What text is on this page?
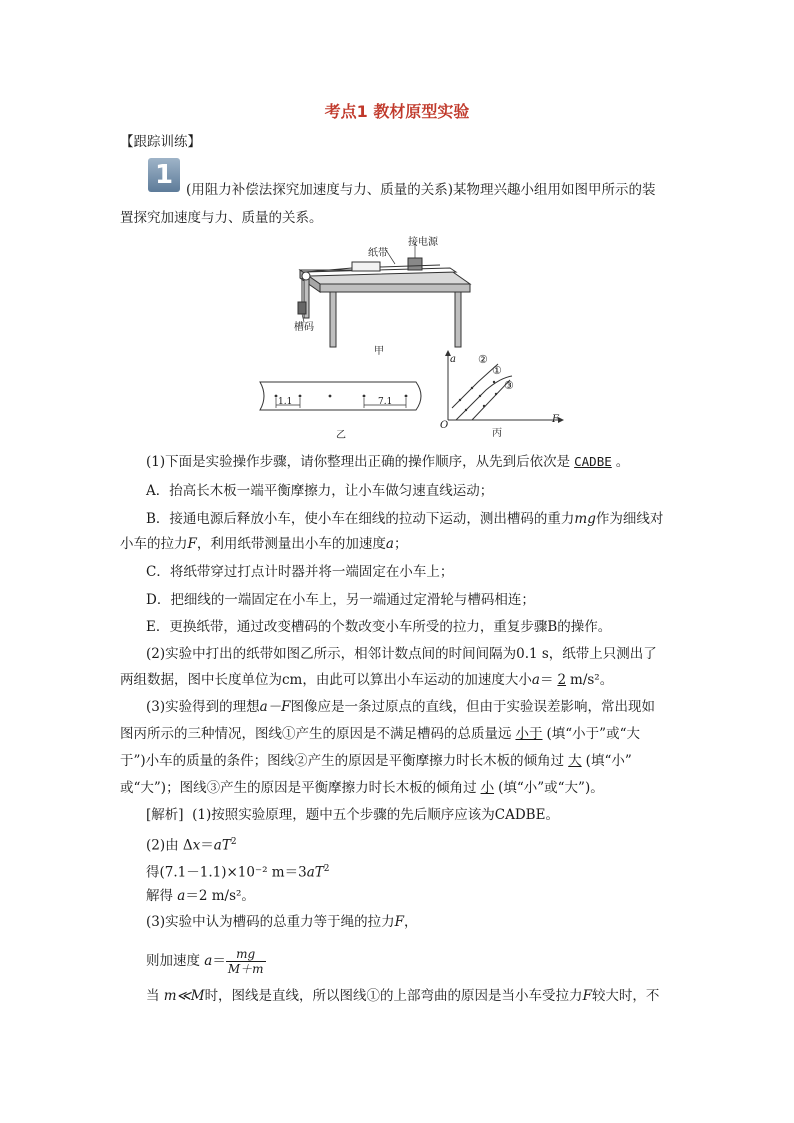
考点1 教材原型实验
【跟踪训练】
1 (用阻力补偿法探究加速度与力、质量的关系)某物理兴趣小组用如图甲所示的装
置探究加速度与力、质量的关系。
纸带
接电源
槽码
甲
1.1	7.1
乙
a
F
O
②
①
③
丙
(1)下面是实验操作步骤，请你整理出正确的操作顺序，从先到后依次是 CADBE 。
A．抬高长木板一端平衡摩擦力，让小车做匀速直线运动；
B．接通电源后释放小车，使小车在细线的拉动下运动，测出槽码的重力mg作为细线对
小车的拉力F，利用纸带测量出小车的加速度a；
C．将纸带穿过打点计时器并将一端固定在小车上；
D．把细线的一端固定在小车上，另一端通过定滑轮与槽码相连；
E．更换纸带，通过改变槽码的个数改变小车所受的拉力，重复步骤B的操作。
(2)实验中打出的纸带如图乙所示，相邻计数点间的时间间隔为0.1 s，纸带上只测出了
两组数据，图中长度单位为cm，由此可以算出小车运动的加速度大小a＝ 2 m/s²。
(3)实验得到的理想a－F图像应是一条过原点的直线，但由于实验误差影响，常出现如
图丙所示的三种情况，图线①产生的原因是不满足槽码的总质量远 小于 (填“小于”或“大
于”)小车的质量的条件；图线②产生的原因是平衡摩擦力时长木板的倾角过 大 (填“小”
或“大”)；图线③产生的原因是平衡摩擦力时长木板的倾角过 小 (填“小”或“大”)。
[解析] (1)按照实验原理，题中五个步骤的先后顺序应该为CADBE。
(2)由 $\Delta x=aT^2$
得(7.1－1.1)×10⁻² $m=3aT^2$
解得 a＝2 m/s²。
(3)实验中认为槽码的总重力等于绳的拉力F，
则加速度 $a= \frac{mg}{M+m}$
当 m≪M时，图线是直线，所以图线①的上部弯曲的原因是当小车受拉力F较大时，不
